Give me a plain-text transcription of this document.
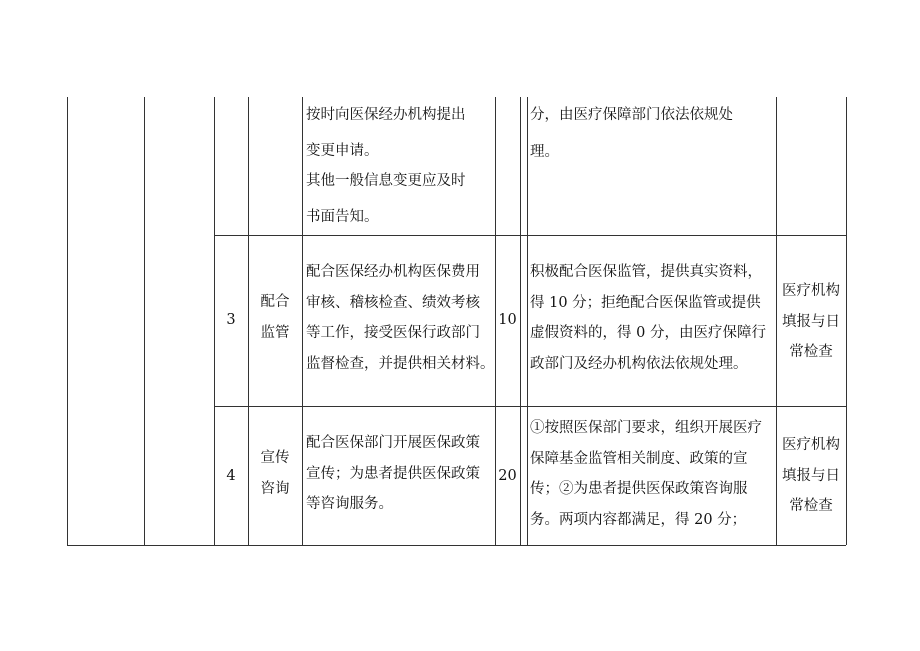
按时向医保经办机构提出
变更申请。
其他一般信息变更应及时
书面告知。
分，由医疗保障部门依法依规处
理。
3
配合
监管
配合医保经办机构医保费用
审核、稽核检查、绩效考核
等工作，接受医保行政部门
监督检查，并提供相关材料。
10
积极配合医保监管，提供真实资料，
得 10 分；拒绝配合医保监管或提供
虚假资料的，得 0 分，由医疗保障行
政部门及经办机构依法依规处理。
医疗机构
填报与日
常检查
4
宣传
咨询
配合医保部门开展医保政策
宣传；为患者提供医保政策
等咨询服务。
20
①按照医保部门要求，组织开展医疗
保障基金监管相关制度、政策的宣
传；②为患者提供医保政策咨询服
务。两项内容都满足，得 20 分；
医疗机构
填报与日
常检查
